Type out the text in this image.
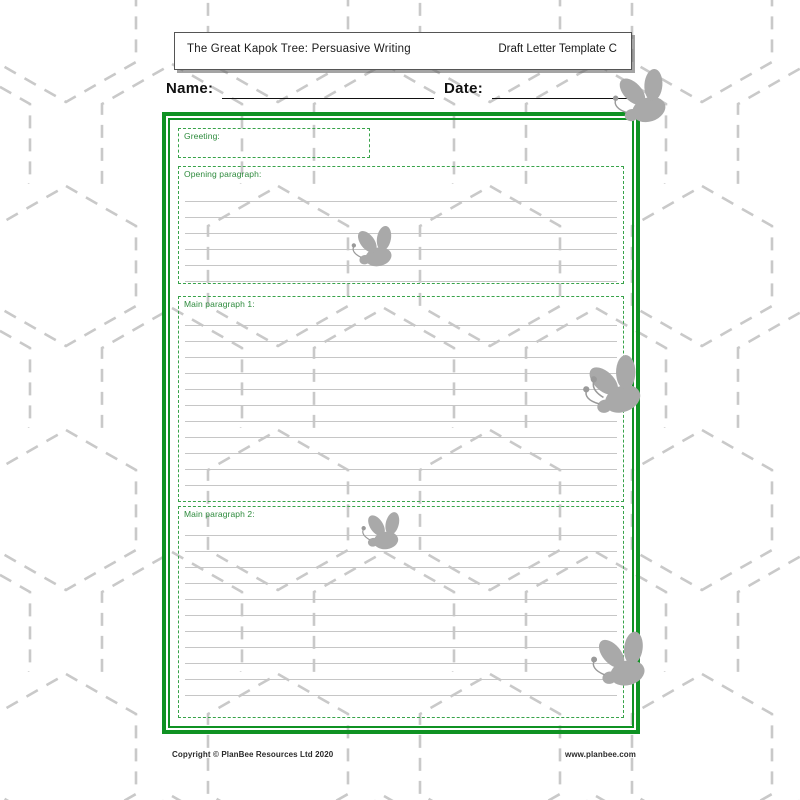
The Great Kapok Tree: Persuasive Writing	Draft Letter Template C
Name:	Date:
Greeting:
Opening paragraph:
Main paragraph 1:
Main paragraph 2:
Copyright © PlanBee Resources Ltd 2020	www.planbee.com
